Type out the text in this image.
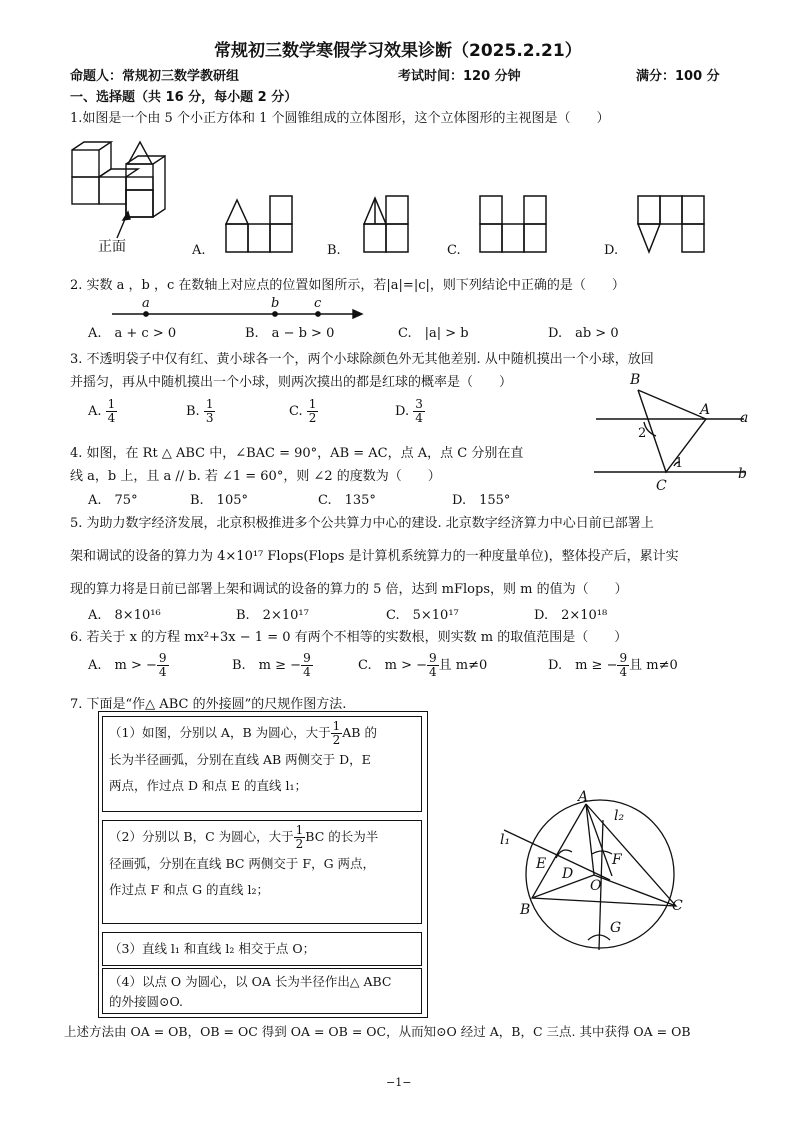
常规初三数学寒假学习效果诊断（2025.2.21）
命题人：常规初三数学教研组	考试时间：120 分钟	满分：100 分
一、选择题（共 16 分，每小题 2 分）
1.如图是一个由 5 个小正方体和 1 个圆锥组成的立体图形，这个立体图形的主视图是（　　）
正面	A.	B.	C.	D.
2. 实数 a ，b ，c 在数轴上对应点的位置如图所示，若|a|=|c|，则下列结论中正确的是（　　）
a	b	c
A.　a + c > 0	B.　a − b > 0	C.　|a| > b	D.　ab > 0
3. 不透明袋子中仅有红、黄小球各一个，两个小球除颜色外无其他差别. 从中随机摸出一个小球，放回
并摇匀，再从中随机摸出一个小球，则两次摸出的都是红球的概率是（　　）
A. $\frac{1}{4}$	B. $\frac{1}{3}$	C. $\frac{1}{2}$	D. $\frac{3}{4}$
4. 如图，在 Rt △ ABC 中，∠BAC = 90°，AB = AC，点 A，点 C 分别在直
线 a，b 上，且 a // b. 若 ∠1 = 60°，则 ∠2 的度数为（　　）
A.　75°	B.　105°	C.　135°	D.　155°
B
A a
2
1
C
b
5. 为助力数字经济发展，北京积极推进多个公共算力中心的建设. 北京数字经济算力中心日前已部署上
架和调试的设备的算力为 4×10¹⁷ Flops(Flops 是计算机系统算力的一种度量单位)，整体投产后，累计实
现的算力将是日前已部署上架和调试的设备的算力的 5 倍，达到 mFlops，则 m 的值为（　　）
A.　8×10¹⁶	B.　2×10¹⁷	C.　5×10¹⁷	D.　2×10¹⁸
6. 若关于 x 的方程 mx²+3x − 1 = 0 有两个不相等的实数根，则实数 m 的取值范围是（　　）
A.　m > − $\frac{9}{4}$	B.　m ≥ − $\frac{9}{4}$	C.　m > − $\frac{9}{4}$ 且 m≠0	D.　m ≥ − $\frac{9}{4}$ 且 m≠0
7. 下面是“作△ ABC 的外接圆”的尺规作图方法.
（1）如图，分别以 A，B 为圆心，大于 $\frac{1}{2}$ AB 的
长为半径画弧，分别在直线 AB 两侧交于 D，E
两点，作过点 D 和点 E 的直线 l₁；
（2）分别以 B，C 为圆心，大于 $\frac{1}{2}$ BC 的长为半
径画弧，分别在直线 BC 两侧交于 F，G 两点，
作过点 F 和点 G 的直线 l₂；
（3）直线 l₁ 和直线 l₂ 相交于点 O；
（4）以点 O 为圆心，以 OA 长为半径作出△ ABC
的外接圆⊙O.
A
l₂
l₁
E	F
D
O
B	C
G
上述方法由 OA = OB，OB = OC 得到 OA = OB = OC，从而知⊙O 经过 A，B，C 三点. 其中获得 OA = OB
−1−
